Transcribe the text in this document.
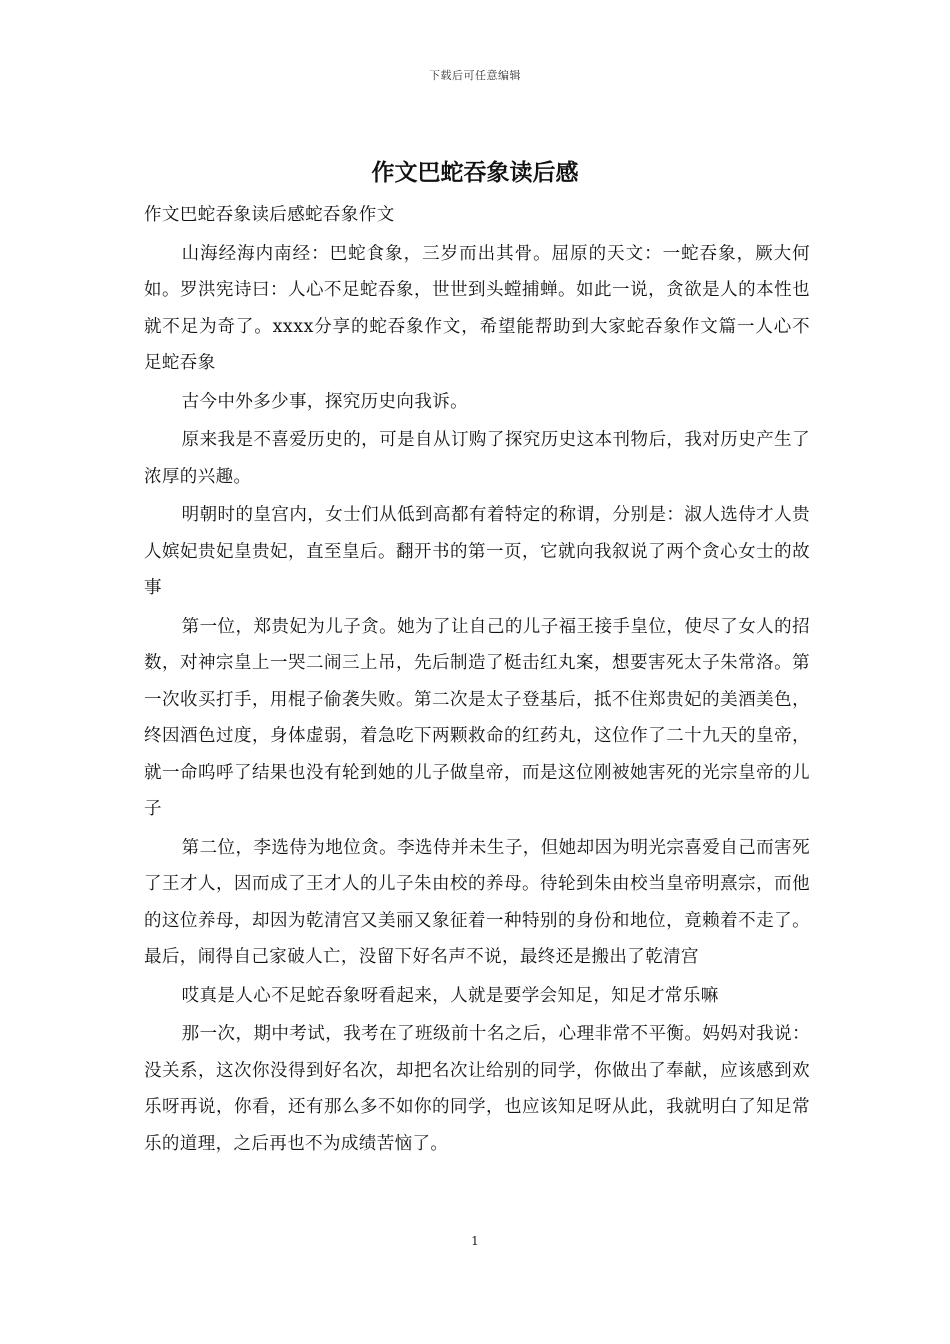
下载后可任意编辑
作文巴蛇吞象读后感

作文巴蛇吞象读后感蛇吞象作文

山海经海内南经：巴蛇食象，三岁而出其骨。屈原的天文：一蛇吞象，厥大何如。罗洪宪诗曰：人心不足蛇吞象，世世到头螳捕蝉。如此一说，贪欲是人的本性也就不足为奇了。xxxx分享的蛇吞象作文，希望能帮助到大家蛇吞象作文篇一人心不足蛇吞象

古今中外多少事，探究历史向我诉。

原来我是不喜爱历史的，可是自从订购了探究历史这本刊物后，我对历史产生了浓厚的兴趣。

明朝时的皇宫内，女士们从低到高都有着特定的称谓，分别是：淑人选侍才人贵人嫔妃贵妃皇贵妃，直至皇后。翻开书的第一页，它就向我叙说了两个贪心女士的故事

第一位，郑贵妃为儿子贪。她为了让自己的儿子福王接手皇位，使尽了女人的招数，对神宗皇上一哭二闹三上吊，先后制造了梃击红丸案，想要害死太子朱常洛。第一次收买打手，用棍子偷袭失败。第二次是太子登基后，抵不住郑贵妃的美酒美色，终因酒色过度，身体虚弱，着急吃下两颗救命的红药丸，这位作了二十九天的皇帝，就一命呜呼了结果也没有轮到她的儿子做皇帝，而是这位刚被她害死的光宗皇帝的儿子

第二位，李选侍为地位贪。李选侍并未生子，但她却因为明光宗喜爱自己而害死了王才人，因而成了王才人的儿子朱由校的养母。待轮到朱由校当皇帝明熹宗，而他的这位养母，却因为乾清宫又美丽又象征着一种特别的身份和地位，竟赖着不走了。最后，闹得自己家破人亡，没留下好名声不说，最终还是搬出了乾清宫

哎真是人心不足蛇吞象呀看起来，人就是要学会知足，知足才常乐嘛

那一次，期中考试，我考在了班级前十名之后，心理非常不平衡。妈妈对我说：没关系，这次你没得到好名次，却把名次让给别的同学，你做出了奉献，应该感到欢乐呀再说，你看，还有那么多不如你的同学，也应该知足呀从此，我就明白了知足常乐的道理，之后再也不为成绩苦恼了。

1
